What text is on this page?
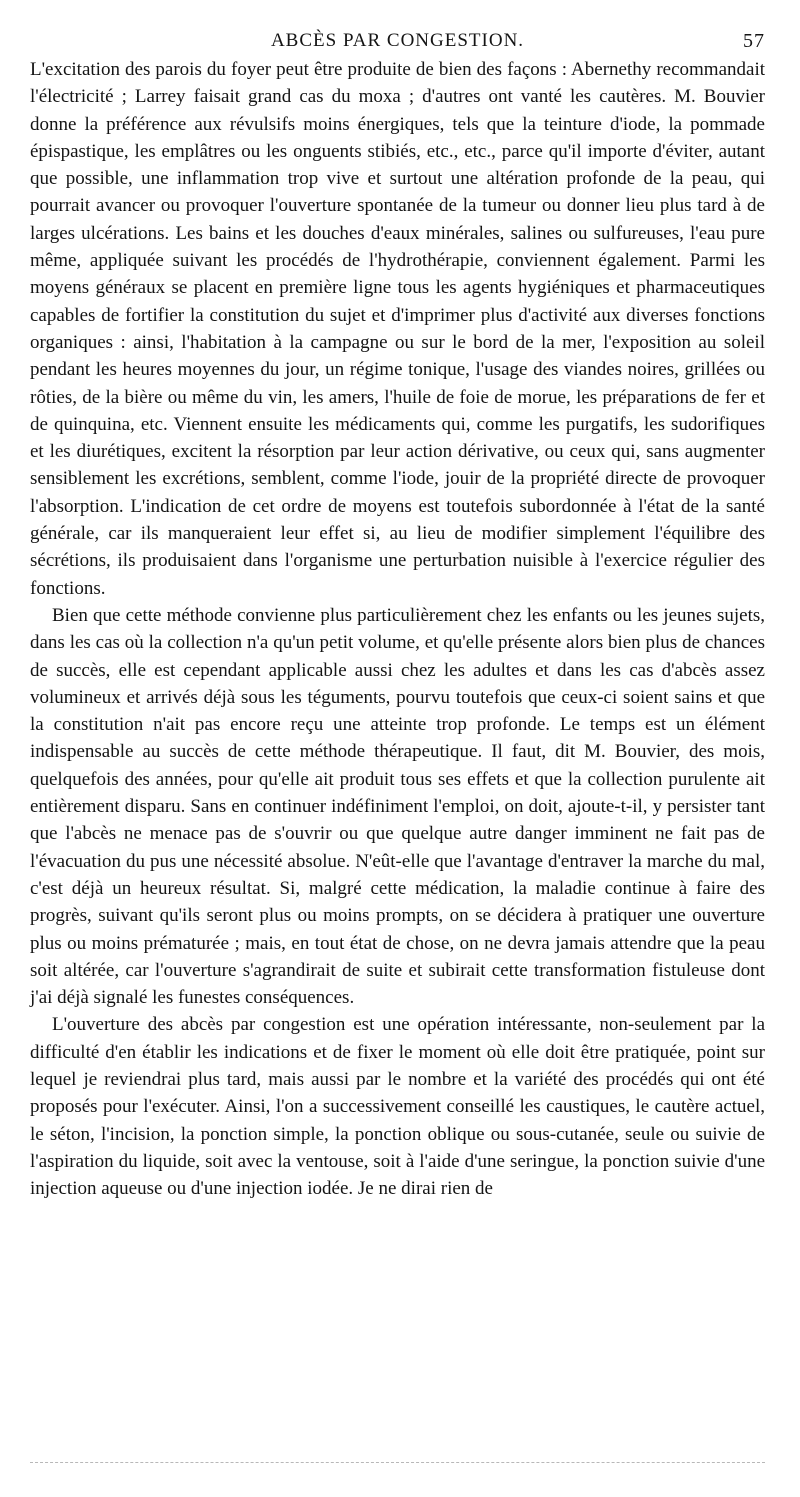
ABCÈS PAR CONGESTION.	57

L'excitation des parois du foyer peut être produite de bien des façons : Abernethy recommandait l'électricité ; Larrey faisait grand cas du moxa ; d'autres ont vanté les cautères. M. Bouvier donne la préférence aux révulsifs moins énergiques, tels que la teinture d'iode, la pommade épispastique, les emplâtres ou les onguents stibiés, etc., etc., parce qu'il importe d'éviter, autant que possible, une inflammation trop vive et surtout une altération profonde de la peau, qui pourrait avancer ou provoquer l'ouverture spontanée de la tumeur ou donner lieu plus tard à de larges ulcérations. Les bains et les douches d'eaux minérales, salines ou sulfureuses, l'eau pure même, appliquée suivant les procédés de l'hydrothérapie, conviennent également. Parmi les moyens généraux se placent en première ligne tous les agents hygiéniques et pharmaceutiques capables de fortifier la constitution du sujet et d'imprimer plus d'activité aux diverses fonctions organiques : ainsi, l'habitation à la campagne ou sur le bord de la mer, l'exposition au soleil pendant les heures moyennes du jour, un régime tonique, l'usage des viandes noires, grillées ou rôties, de la bière ou même du vin, les amers, l'huile de foie de morue, les préparations de fer et de quinquina, etc. Viennent ensuite les médicaments qui, comme les purgatifs, les sudorifiques et les diurétiques, excitent la résorption par leur action dérivative, ou ceux qui, sans augmenter sensiblement les excrétions, semblent, comme l'iode, jouir de la propriété directe de provoquer l'absorption. L'indication de cet ordre de moyens est toutefois subordonnée à l'état de la santé générale, car ils manqueraient leur effet si, au lieu de modifier simplement l'équilibre des sécrétions, ils produisaient dans l'organisme une perturbation nuisible à l'exercice régulier des fonctions.

Bien que cette méthode convienne plus particulièrement chez les enfants ou les jeunes sujets, dans les cas où la collection n'a qu'un petit volume, et qu'elle présente alors bien plus de chances de succès, elle est cependant applicable aussi chez les adultes et dans les cas d'abcès assez volumineux et arrivés déjà sous les téguments, pourvu toutefois que ceux-ci soient sains et que la constitution n'ait pas encore reçu une atteinte trop profonde. Le temps est un élément indispensable au succès de cette méthode thérapeutique. Il faut, dit M. Bouvier, des mois, quelquefois des années, pour qu'elle ait produit tous ses effets et que la collection purulente ait entièrement disparu. Sans en continuer indéfiniment l'emploi, on doit, ajoute-t-il, y persister tant que l'abcès ne menace pas de s'ouvrir ou que quelque autre danger imminent ne fait pas de l'évacuation du pus une nécessité absolue. N'eût-elle que l'avantage d'entraver la marche du mal, c'est déjà un heureux résultat. Si, malgré cette médication, la maladie continue à faire des progrès, suivant qu'ils seront plus ou moins prompts, on se décidera à pratiquer une ouverture plus ou moins prématurée ; mais, en tout état de chose, on ne devra jamais attendre que la peau soit altérée, car l'ouverture s'agrandirait de suite et subirait cette transformation fistuleuse dont j'ai déjà signalé les funestes conséquences.

L'ouverture des abcès par congestion est une opération intéressante, non-seulement par la difficulté d'en établir les indications et de fixer le moment où elle doit être pratiquée, point sur lequel je reviendrai plus tard, mais aussi par le nombre et la variété des procédés qui ont été proposés pour l'exécuter. Ainsi, l'on a successivement conseillé les caustiques, le cautère actuel, le séton, l'incision, la ponction simple, la ponction oblique ou sous-cutanée, seule ou suivie de l'aspiration du liquide, soit avec la ventouse, soit à l'aide d'une seringue, la ponction suivie d'une injection aqueuse ou d'une injection iodée. Je ne dirai rien de
